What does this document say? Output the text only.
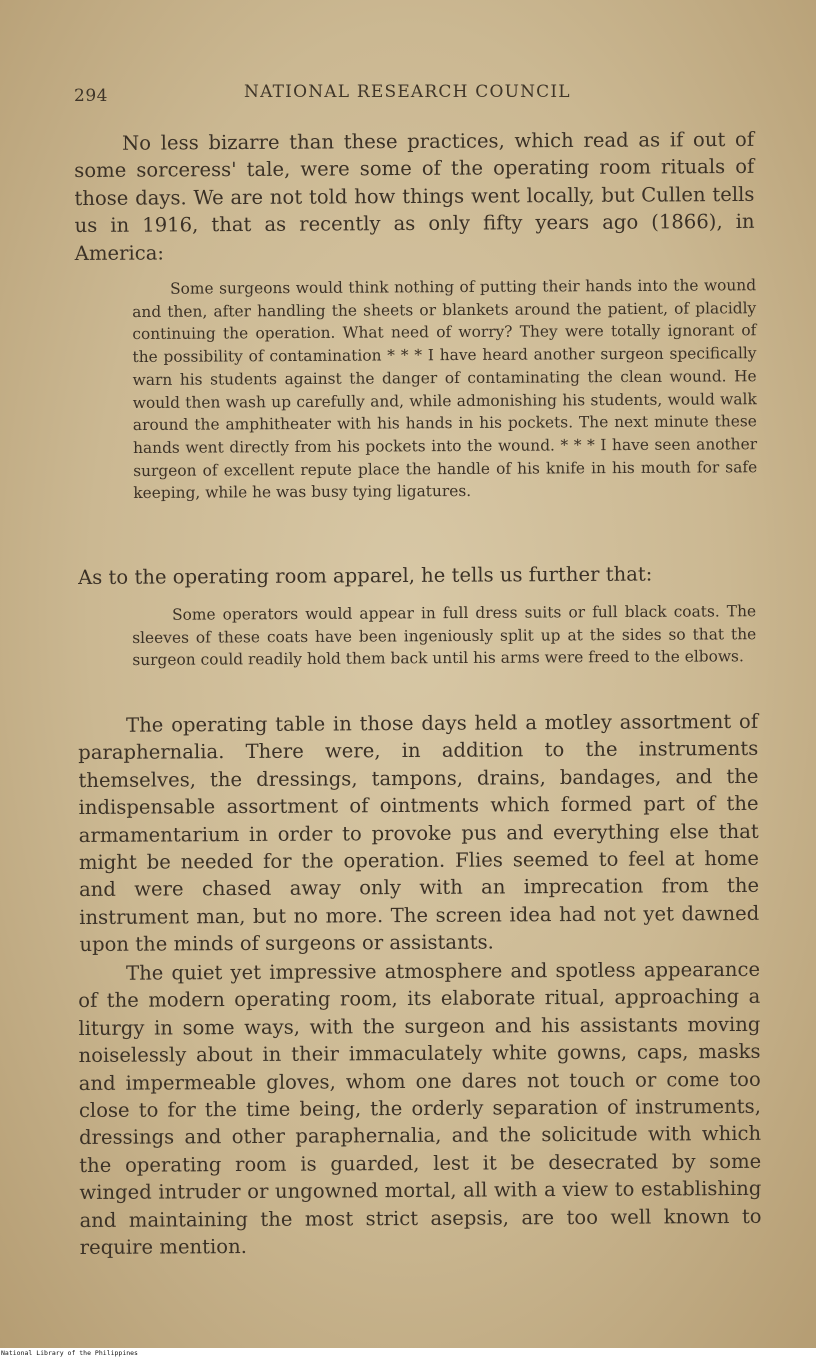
294	NATIONAL RESEARCH COUNCIL

No less bizarre than these practices, which read as if out of some sorceress' tale, were some of the operating room rituals of those days. We are not told how things went locally, but Cullen tells us in 1916, that as recently as only fifty years ago (1866), in America:

Some surgeons would think nothing of putting their hands into the wound and then, after handling the sheets or blankets around the patient, of placidly continuing the operation. What need of worry? They were totally ignorant of the possibility of contamination * * * I have heard another surgeon specifically warn his students against the danger of contaminating the clean wound. He would then wash up carefully and, while admonishing his students, would walk around the amphitheater with his hands in his pockets. The next minute these hands went directly from his pockets into the wound. * * * I have seen another surgeon of excellent repute place the handle of his knife in his mouth for safe keeping, while he was busy tying ligatures.

As to the operating room apparel, he tells us further that:

Some operators would appear in full dress suits or full black coats. The sleeves of these coats have been ingeniously split up at the sides so that the surgeon could readily hold them back until his arms were freed to the elbows.

The operating table in those days held a motley assortment of paraphernalia. There were, in addition to the instruments themselves, the dressings, tampons, drains, bandages, and the indispensable assortment of ointments which formed part of the armamentarium in order to provoke pus and everything else that might be needed for the operation. Flies seemed to feel at home and were chased away only with an imprecation from the instrument man, but no more. The screen idea had not yet dawned upon the minds of surgeons or assistants.

The quiet yet impressive atmosphere and spotless appearance of the modern operating room, its elaborate ritual, approaching a liturgy in some ways, with the surgeon and his assistants moving noiselessly about in their immaculately white gowns, caps, masks and impermeable gloves, whom one dares not touch or come too close to for the time being, the orderly separation of instruments, dressings and other paraphernalia, and the solicitude with which the operating room is guarded, lest it be desecrated by some winged intruder or ungowned mortal, all with a view to establishing and maintaining the most strict asepsis, are too well known to require mention.

National Library of the Philippines
